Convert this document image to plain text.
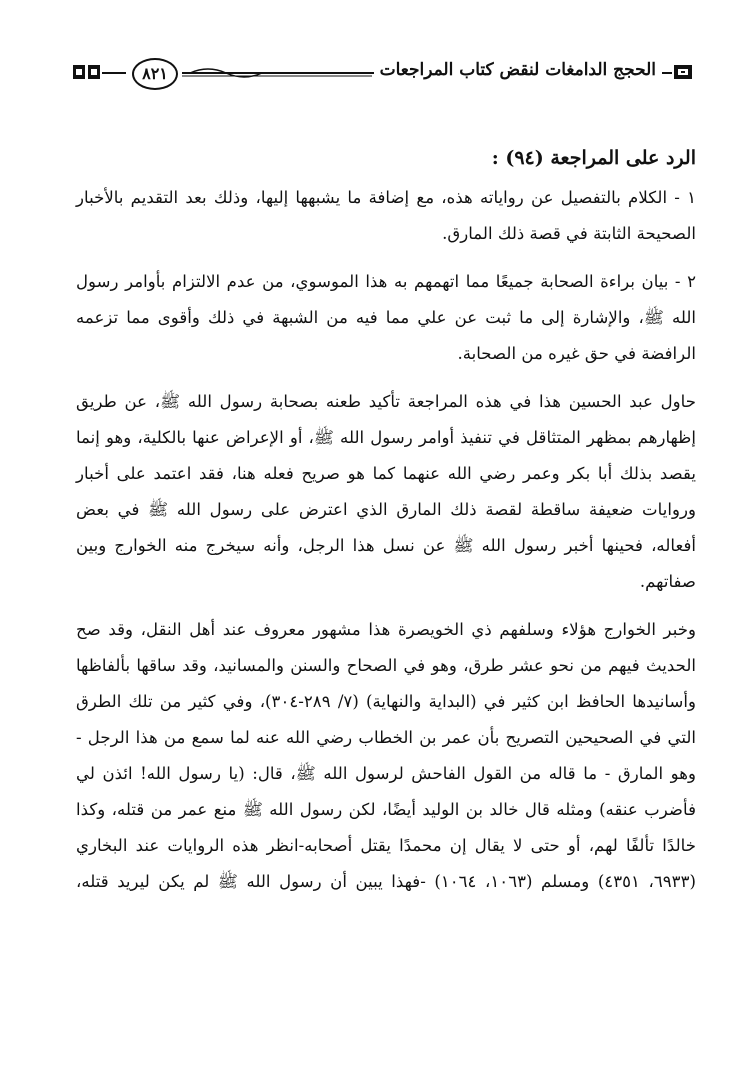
الحجج الدامغات لنقض كتاب المراجعات
٨٢١
الرد على المراجعة (٩٤) :

١ - الكلام بالتفصيل عن رواياته هذه، مع إضافة ما يشبهها إليها، وذلك بعد التقديم بالأخبار الصحيحة الثابتة في قصة ذلك المارق.

٢ - بيان براءة الصحابة جميعًا مما اتهمهم به هذا الموسوي، من عدم الالتزام بأوامر رسول الله ﷺ، والإشارة إلى ما ثبت عن علي مما فيه من الشبهة في ذلك وأقوى مما تزعمه الرافضة في حق غيره من الصحابة.

حاول عبد الحسين هذا في هذه المراجعة تأكيد طعنه بصحابة رسول الله ﷺ، عن طريق إظهارهم بمظهر المتثاقل في تنفيذ أوامر رسول الله ﷺ، أو الإعراض عنها بالكلية، وهو إنما يقصد بذلك أبا بكر وعمر رضي الله عنهما كما هو صريح فعله هنا، فقد اعتمد على أخبار وروايات ضعيفة ساقطة لقصة ذلك المارق الذي اعترض على رسول الله ﷺ في بعض أفعاله، فحينها أخبر رسول الله ﷺ عن نسل هذا الرجل، وأنه سيخرج منه الخوارج وبين صفاتهم.

وخبر الخوارج هؤلاء وسلفهم ذي الخويصرة هذا مشهور معروف عند أهل النقل، وقد صح الحديث فيهم من نحو عشر طرق، وهو في الصحاح والسنن والمسانيد، وقد ساقها بألفاظها وأسانيدها الحافظ ابن كثير في (البداية والنهاية) (٧/ ٢٨٩-٣٠٤)، وفي كثير من تلك الطرق التي في الصحيحين التصريح بأن عمر بن الخطاب رضي الله عنه لما سمع من هذا الرجل - وهو المارق - ما قاله من القول الفاحش لرسول الله ﷺ، قال: (يا رسول الله! ائذن لي فأضرب عنقه) ومثله قال خالد بن الوليد أيضًا، لكن رسول الله ﷺ منع عمر من قتله، وكذا خالدًا تألفًا لهم، أو حتى لا يقال إن محمدًا يقتل أصحابه-انظر هذه الروايات عند البخاري (٦٩٣٣، ٤٣٥١) ومسلم (١٠٦٣، ١٠٦٤) -فهذا يبين أن رسول الله ﷺ لم يكن ليريد قتله،
